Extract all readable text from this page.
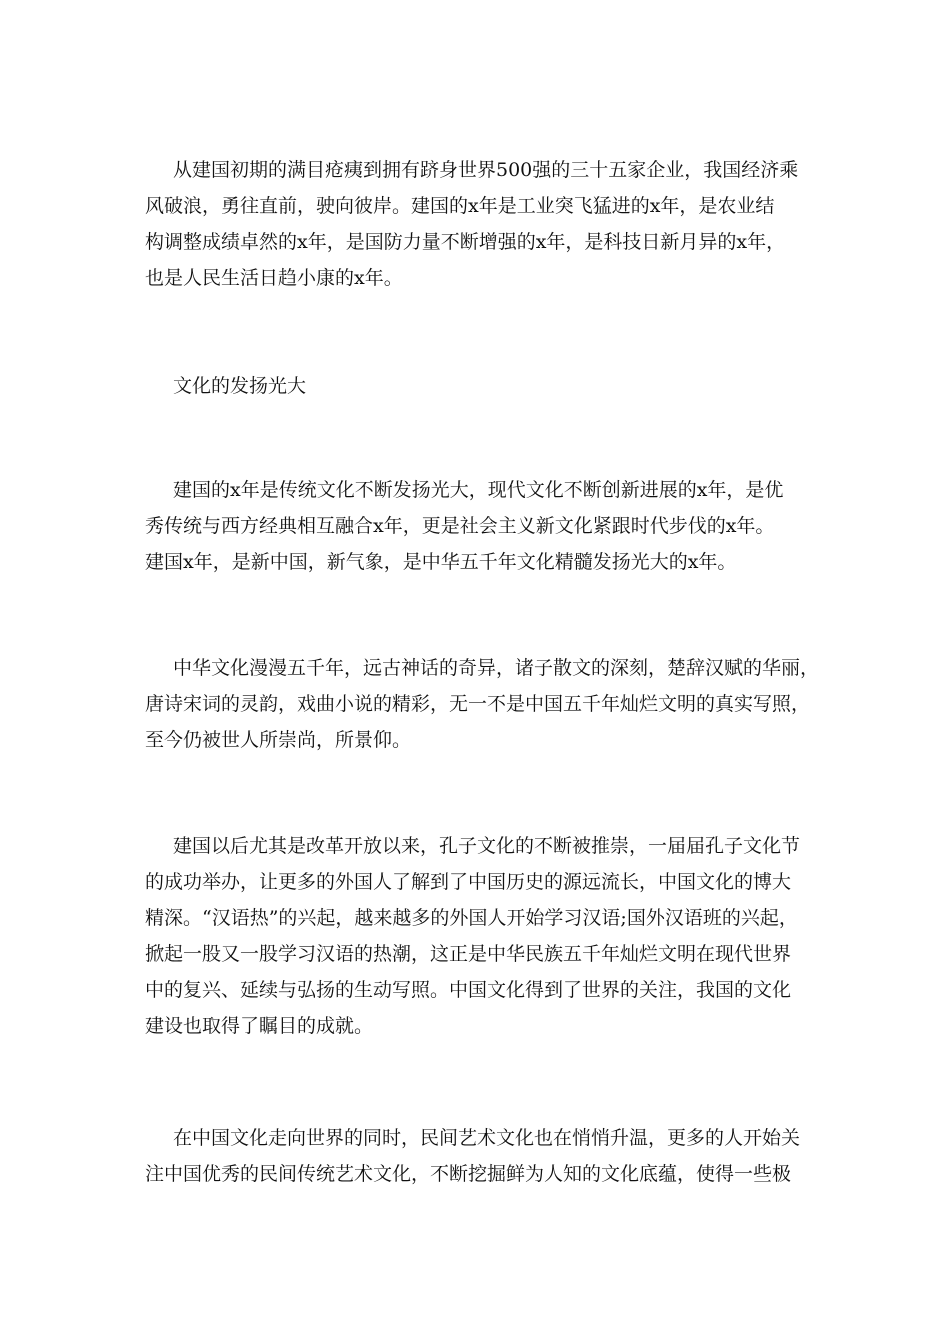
从建国初期的满目疮痍到拥有跻身世界500强的三十五家企业，我国经济乘
风破浪，勇往直前，驶向彼岸。建国的x年是工业突飞猛进的x年，是农业结
构调整成绩卓然的x年，是国防力量不断增强的x年，是科技日新月异的x年，
也是人民生活日趋小康的x年。
文化的发扬光大
建国的x年是传统文化不断发扬光大，现代文化不断创新进展的x年，是优
秀传统与西方经典相互融合x年，更是社会主义新文化紧跟时代步伐的x年。
建国x年，是新中国，新气象，是中华五千年文化精髓发扬光大的x年。
中华文化漫漫五千年，远古神话的奇异，诸子散文的深刻，楚辞汉赋的华丽，
唐诗宋词的灵韵，戏曲小说的精彩，无一不是中国五千年灿烂文明的真实写照，
至今仍被世人所崇尚，所景仰。
建国以后尤其是改革开放以来，孔子文化的不断被推崇，一届届孔子文化节
的成功举办，让更多的外国人了解到了中国历史的源远流长，中国文化的博大
精深。“汉语热”的兴起，越来越多的外国人开始学习汉语;国外汉语班的兴起，
掀起一股又一股学习汉语的热潮，这正是中华民族五千年灿烂文明在现代世界
中的复兴、延续与弘扬的生动写照。中国文化得到了世界的关注，我国的文化
建设也取得了瞩目的成就。
在中国文化走向世界的同时，民间艺术文化也在悄悄升温，更多的人开始关
注中国优秀的民间传统艺术文化，不断挖掘鲜为人知的文化底蕴，使得一些极
